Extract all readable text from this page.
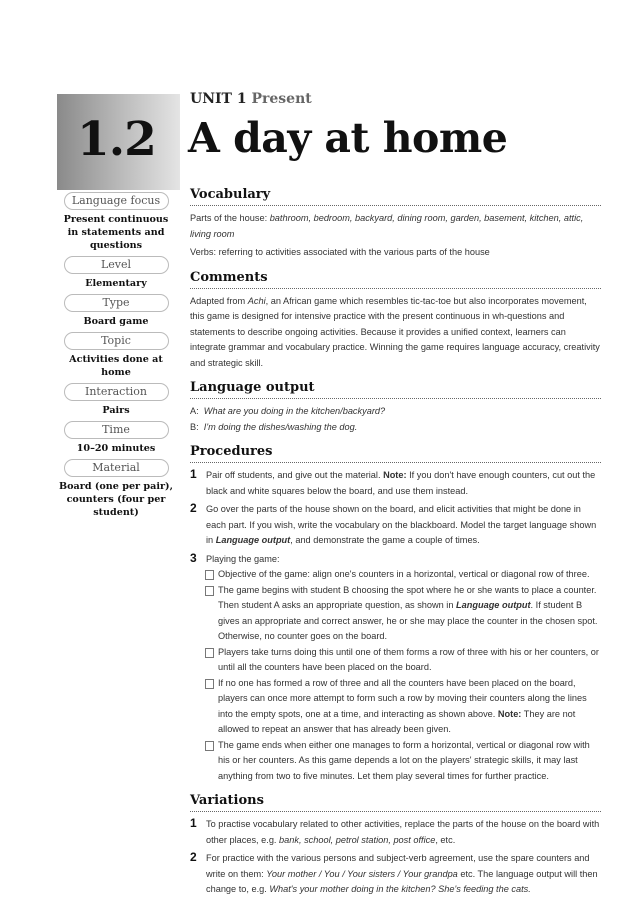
1.2
UNIT 1 Present
A day at home
Language focus
Present continuous in statements and questions
Level
Elementary
Type
Board game
Topic
Activities done at home
Interaction
Pairs
Time
10–20 minutes
Material
Board (one per pair), counters (four per student)
Vocabulary

Parts of the house: bathroom, bedroom, backyard, dining room, garden, basement, kitchen, attic, living room

Verbs: referring to activities associated with the various parts of the house

Comments

Adapted from Achi, an African game which resembles tic-tac-toe but also incorporates movement, this game is designed for intensive practice with the present continuous in wh-questions and statements to describe ongoing activities. Because it provides a unified context, learners can integrate grammar and vocabulary practice. Winning the game requires language accuracy, creativity and strategic skill.

Language output

A: What are you doing in the kitchen/backyard?

B: I'm doing the dishes/washing the dog.

Procedures

1 Pair off students, and give out the material. Note: If you don't have enough counters, cut out the black and white squares below the board, and use them instead.

2 Go over the parts of the house shown on the board, and elicit activities that might be done in each part. If you wish, write the vocabulary on the blackboard. Model the target language shown in Language output, and demonstrate the game a couple of times.

3 Playing the game:

Objective of the game: align one's counters in a horizontal, vertical or diagonal row of three.

The game begins with student B choosing the spot where he or she wants to place a counter. Then student A asks an appropriate question, as shown in Language output. If student B gives an appropriate and correct answer, he or she may place the counter in the chosen spot. Otherwise, no counter goes on the board.

Players take turns doing this until one of them forms a row of three with his or her counters, or until all the counters have been placed on the board.

If no one has formed a row of three and all the counters have been placed on the board, players can once more attempt to form such a row by moving their counters along the lines into the empty spots, one at a time, and interacting as shown above. Note: They are not allowed to repeat an answer that has already been given.

The game ends when either one manages to form a horizontal, vertical or diagonal row with his or her counters. As this game depends a lot on the players' strategic skills, it may last anything from two to five minutes. Let them play several times for further practice.

Variations

1 To practise vocabulary related to other activities, replace the parts of the house on the board with other places, e.g. bank, school, petrol station, post office, etc.

2 For practice with the various persons and subject-verb agreement, use the spare counters and write on them: Your mother / You / Your sisters / Your grandpa etc. The language output will then change to, e.g. What's your mother doing in the kitchen? She's feeding the cats.
